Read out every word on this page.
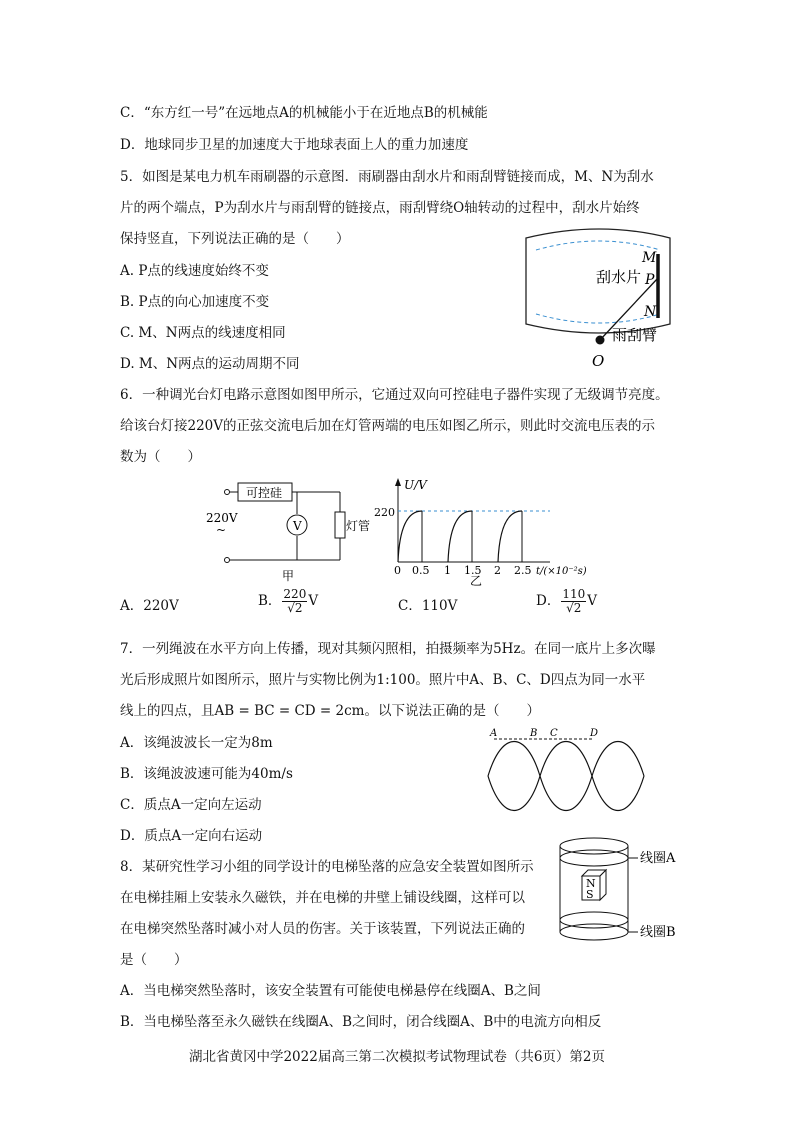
C．“东方红一号”在远地点A的机械能小于在近地点B的机械能
D．地球同步卫星的加速度大于地球表面上人的重力加速度
5．如图是某电力机车雨刷器的示意图．雨刷器由刮水片和雨刮臂链接而成，M、N为刮水
片的两个端点，P为刮水片与雨刮臂的链接点，雨刮臂绕O轴转动的过程中，刮水片始终
保持竖直，下列说法正确的是（　　）
A. P点的线速度始终不变
B. P点的向心加速度不变
C. M、N两点的线速度相同
D. M、N两点的运动周期不同
刮水片
雨刮臂
M
P
N
O
6．一种调光台灯电路示意图如图甲所示，它通过双向可控硅电子器件实现了无级调节亮度。
给该台灯接220V的正弦交流电后加在灯管两端的电压如图乙所示，则此时交流电压表的示
数为（　　）
可控硅
V	灯管
220V
~
甲
U/V
220
0 0.5 1 1.5 2 2.5 t/(×10⁻²s)
乙
A．220V	B． $\frac{220}{√2}$ V	C．110V	D． $\frac{110}{√2}$ V
7．一列绳波在水平方向上传播，现对其频闪照相，拍摄频率为5Hz。在同一底片上多次曝
光后形成照片如图所示，照片与实物比例为1:100。照片中A、B、C、D四点为同一水平
线上的四点，且AB = BC = CD = 2cm。以下说法正确的是（　　）
A．该绳波波长一定为8m
B．该绳波波速可能为40m/s
C．质点A一定向左运动
D．质点A一定向右运动
A	B C	D
8．某研究性学习小组的同学设计的电梯坠落的应急安全装置如图所示
在电梯挂厢上安装永久磁铁，并在电梯的井壁上铺设线圈，这样可以
在电梯突然坠落时减小对人员的伤害。关于该装置，下列说法正确的
是（　　）
A．当电梯突然坠落时，该安全装置有可能使电梯悬停在线圈A、B之间
B．当电梯坠落至永久磁铁在线圈A、B之间时，闭合线圈A、B中的电流方向相反
N
S
线圈A
线圈B
湖北省黄冈中学2022届高三第二次模拟考试物理试卷（共6页）第2页
